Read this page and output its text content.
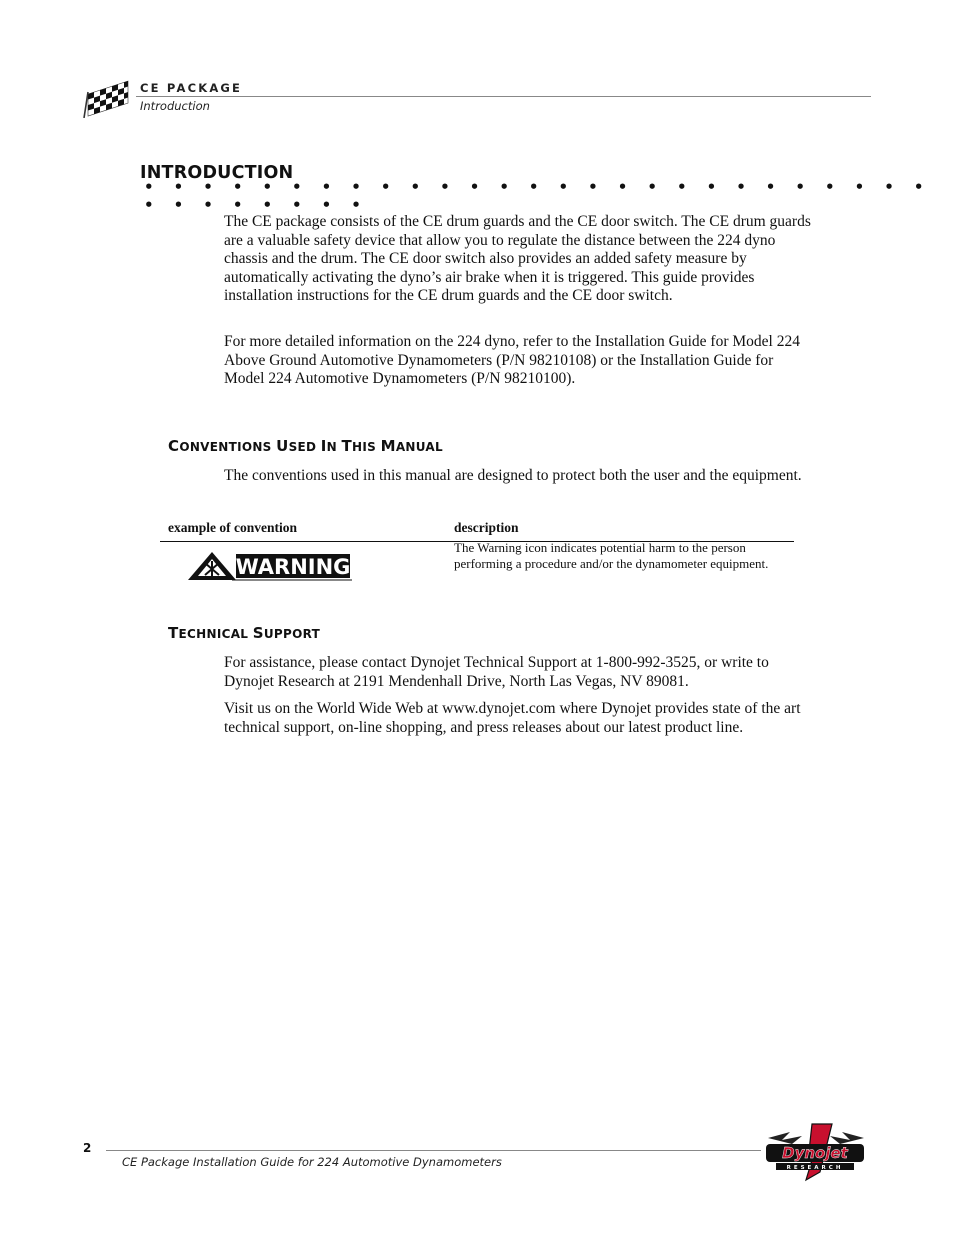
CE PACKAGE
Introduction
INTRODUCTION
• • • • • • • • • • • • • • • • • • • • • • • • • • • • • • • • • • •

The CE package consists of the CE drum guards and the CE door switch. The CE drum guards are a valuable safety device that allow you to regulate the distance between the 224 dyno chassis and the drum. The CE door switch also provides an added safety measure by automatically activating the dyno’s air brake when it is triggered. This guide provides installation instructions for the CE drum guards and the CE door switch.

For more detailed information on the 224 dyno, refer to the Installation Guide for Model 224 Above Ground Automotive Dynamometers (P/N 98210108) or the Installation Guide for Model 224 Automotive Dynamometers (P/N 98210100).

CONVENTIONS USED IN THIS MANUAL

The conventions used in this manual are designed to protect both the user and the equipment.

example of convention	description
WARNING

The Warning icon indicates potential harm to the person performing a procedure and/or the dynamometer equipment.

TECHNICAL SUPPORT

For assistance, please contact Dynojet Technical Support at 1-800-992-3525, or write to Dynojet Research at 2191 Mendenhall Drive, North Las Vegas, NV 89081.

Visit us on the World Wide Web at www.dynojet.com where Dynojet provides state of the art technical support, on-line shopping, and press releases about our latest product line.

2
CE Package Installation Guide for 224 Automotive Dynamometers	Dynojet
RESEARCH
